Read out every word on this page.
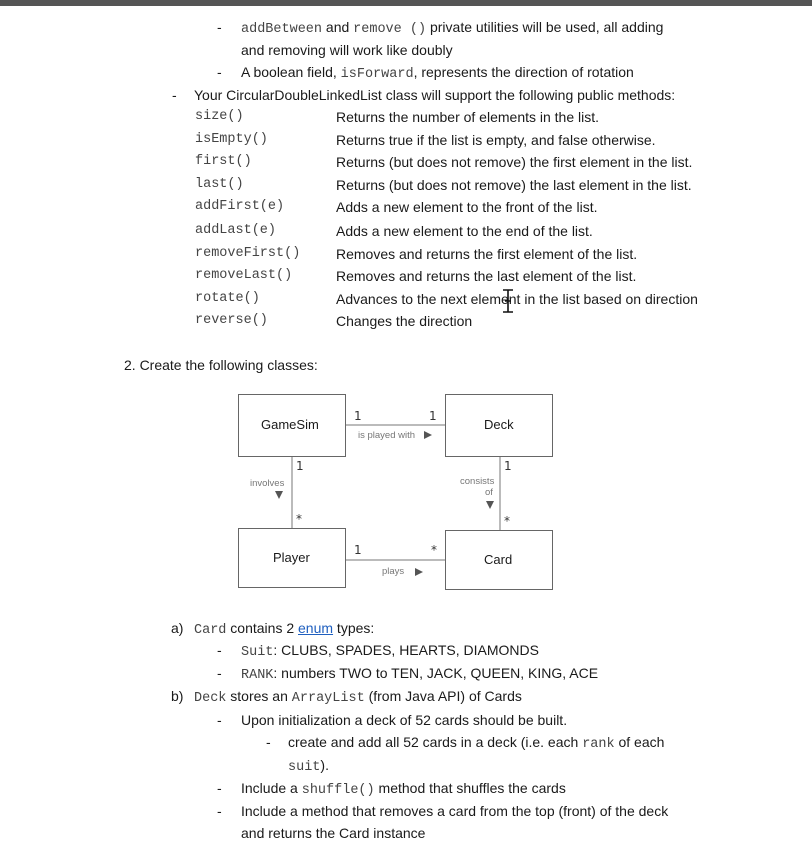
- addBetween and remove () private utilities will be used, all adding
and removing will work like doubly
- A boolean field, isForward, represents the direction of rotation
- Your CircularDoubleLinkedList class will support the following public methods:
size()	Returns the number of elements in the list.
isEmpty()	Returns true if the list is empty, and false otherwise.
first()	Returns (but does not remove) the first element in the list.
last()	Returns (but does not remove) the last element in the list.
addFirst(e)	Adds a new element to the front of the list.
addLast(e)	Adds a new element to the end of the list.
removeFirst()	Removes and returns the first element of the list.
removeLast()	Removes and returns the last element of the list.
rotate()	Advances to the next element in the list based on direction
reverse()	Changes the direction
2. Create the following classes:
GameSim	Deck
Player	Card
is played with
plays
involves	consists
of
1	1
1
*
1
*
1	*
a) Card contains 2 enum types:
- Suit: CLUBS, SPADES, HEARTS, DIAMONDS
- RANK: numbers TWO to TEN, JACK, QUEEN, KING, ACE
b) Deck stores an ArrayList (from Java API) of Cards
- Upon initialization a deck of 52 cards should be built.
- create and add all 52 cards in a deck (i.e. each rank of each
suit).
- Include a shuffle() method that shuffles the cards
- Include a method that removes a card from the top (front) of the deck
and returns the Card instance
